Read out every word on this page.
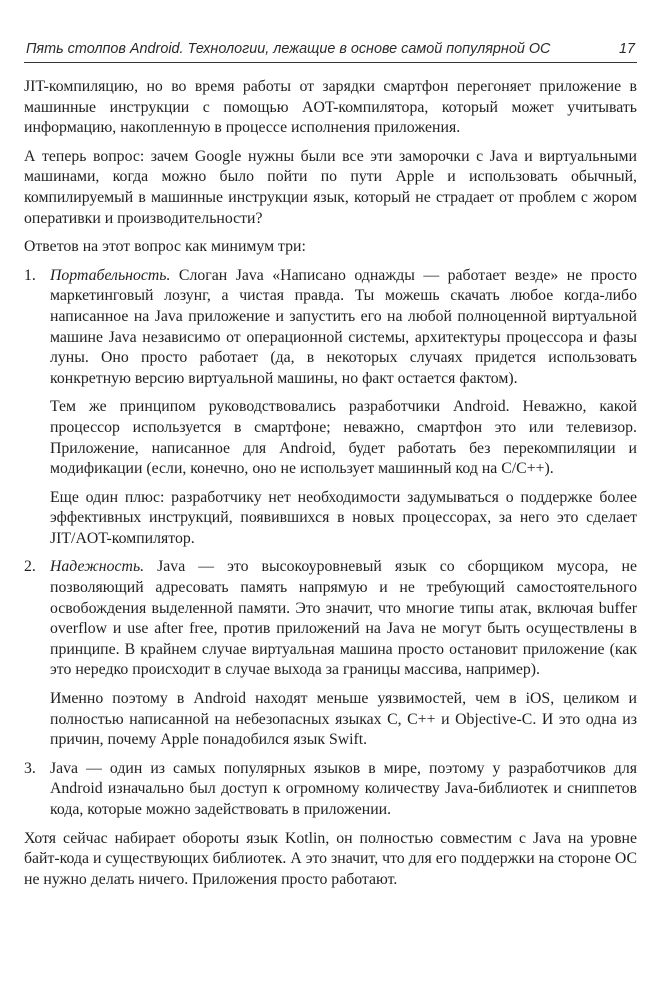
Пять столпов Android. Технологии, лежащие в основе самой популярной ОС	17

JIT-компиляцию, но во время работы от зарядки смартфон перегоняет приложение в машинные инструкции с помощью AOT-компилятора, который может учитывать информацию, накопленную в процессе исполнения приложения.

А теперь вопрос: зачем Google нужны были все эти заморочки с Java и виртуальными машинами, когда можно было пойти по пути Apple и использовать обычный, компилируемый в машинные инструкции язык, который не страдает от проблем с жором оперативки и производительности?

Ответов на этот вопрос как минимум три:

1. Портабельность. Слоган Java «Написано однажды — работает везде» не просто маркетинговый лозунг, а чистая правда. Ты можешь скачать любое когда-либо написанное на Java приложение и запустить его на любой полноценной виртуальной машине Java независимо от операционной системы, архитектуры процессора и фазы луны. Оно просто работает (да, в некоторых случаях придется использовать конкретную версию виртуальной машины, но факт остается фактом).

Тем же принципом руководствовались разработчики Android. Неважно, какой процессор используется в смартфоне; неважно, смартфон это или телевизор. Приложение, написанное для Android, будет работать без перекомпиляции и модификации (если, конечно, оно не использует машинный код на C/C++).

Еще один плюс: разработчику нет необходимости задумываться о поддержке более эффективных инструкций, появившихся в новых процессорах, за него это сделает JIT/AOT-компилятор.

2. Надежность. Java — это высокоуровневый язык со сборщиком мусора, не позволяющий адресовать память напрямую и не требующий самостоятельного освобождения выделенной памяти. Это значит, что многие типы атак, включая buffer overflow и use after free, против приложений на Java не могут быть осуществлены в принципе. В крайнем случае виртуальная машина просто остановит приложение (как это нередко происходит в случае выхода за границы массива, например).

Именно поэтому в Android находят меньше уязвимостей, чем в iOS, целиком и полностью написанной на небезопасных языках C, C++ и Objective-C. И это одна из причин, почему Apple понадобился язык Swift.

3. Java — один из самых популярных языков в мире, поэтому у разработчиков для Android изначально был доступ к огромному количеству Java-библиотек и сниппетов кода, которые можно задействовать в приложении.

Хотя сейчас набирает обороты язык Kotlin, он полностью совместим с Java на уровне байт-кода и существующих библиотек. А это значит, что для его поддержки на стороне ОС не нужно делать ничего. Приложения просто работают.
